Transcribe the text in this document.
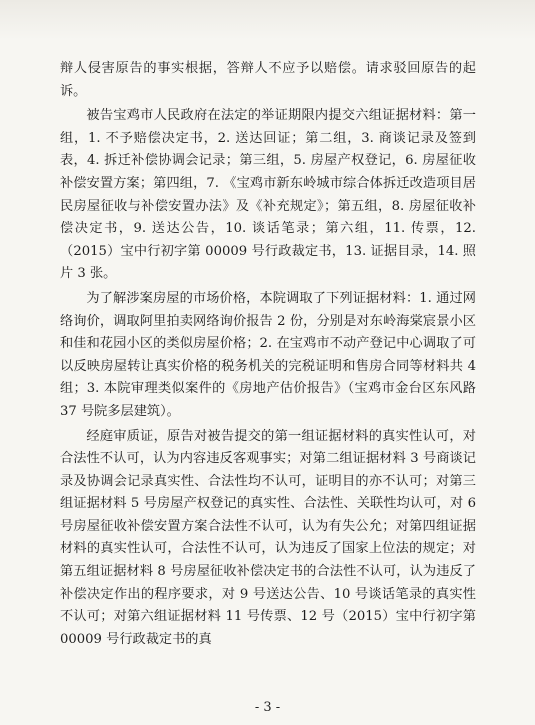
辩人侵害原告的事实根据，答辩人不应予以赔偿。请求驳回原告的起诉。

被告宝鸡市人民政府在法定的举证期限内提交六组证据材料：第一组，1. 不予赔偿决定书，2. 送达回证；第二组，3. 商谈记录及签到表，4. 拆迁补偿协调会记录；第三组，5. 房屋产权登记，6. 房屋征收补偿安置方案；第四组，7. 《宝鸡市新东岭城市综合体拆迁改造项目居民房屋征收与补偿安置办法》及《补充规定》；第五组，8. 房屋征收补偿决定书，9. 送达公告，10. 谈话笔录；第六组，11. 传票，12.（2015）宝中行初字第 00009 号行政裁定书，13. 证据目录，14. 照片 3 张。

为了解涉案房屋的市场价格，本院调取了下列证据材料：1. 通过网络询价，调取阿里拍卖网络询价报告 2 份，分别是对东岭海棠宸景小区和佳和花园小区的类似房屋价格；2. 在宝鸡市不动产登记中心调取了可以反映房屋转让真实价格的税务机关的完税证明和售房合同等材料共 4 组；3. 本院审理类似案件的《房地产估价报告》（宝鸡市金台区东风路 37 号院多层建筑）。

经庭审质证，原告对被告提交的第一组证据材料的真实性认可，对合法性不认可，认为内容违反客观事实；对第二组证据材料 3 号商谈记录及协调会记录真实性、合法性均不认可，证明目的亦不认可；对第三组证据材料 5 号房屋产权登记的真实性、合法性、关联性均认可，对 6 号房屋征收补偿安置方案合法性不认可，认为有失公允；对第四组证据材料的真实性认可，合法性不认可，认为违反了国家上位法的规定；对第五组证据材料 8 号房屋征收补偿决定书的合法性不认可，认为违反了补偿决定作出的程序要求，对 9 号送达公告、10 号谈话笔录的真实性不认可；对第六组证据材料 11 号传票、12 号（2015）宝中行初字第 00009 号行政裁定书的真

- 3 -
